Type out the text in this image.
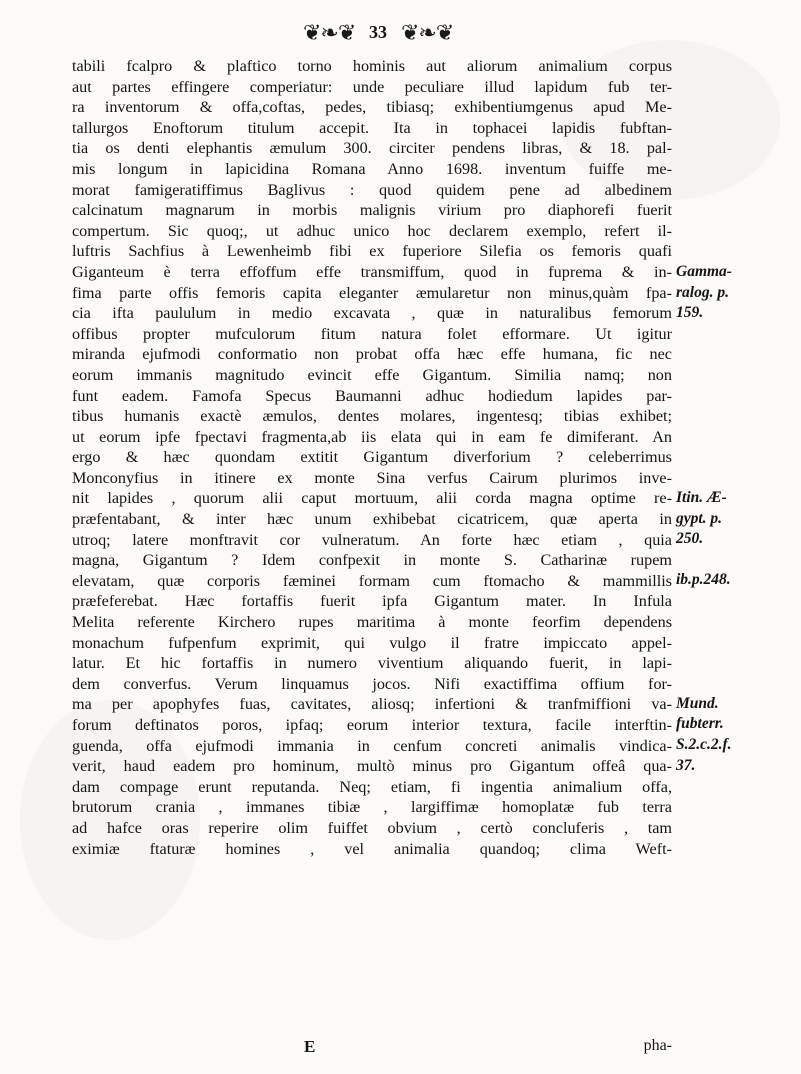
❦❧❦ 33 ❦❧❦
tabili fcalpro & plaftico torno hominis aut aliorum animalium corpus
aut partes effingere comperiatur: unde peculiare illud lapidum fub ter-
ra inventorum & offa,coftas, pedes, tibiasq; exhibentiumgenus apud Me-
tallurgos Enoftorum titulum accepit. Ita in tophacei lapidis fubftan-
tia os denti elephantis æmulum 300. circiter pendens libras, & 18. pal-
mis longum in lapicidina Romana Anno 1698. inventum fuiffe me-
morat famigeratiffimus Baglivus : quod quidem pene ad albedinem
calcinatum magnarum in morbis malignis virium pro diaphorefi fuerit
compertum. Sic quoq;, ut adhuc unico hoc declarem exemplo, refert il-
luftris Sachfius à Lewenheimb fibi ex fuperiore Silefia os femoris quafi
Giganteum è terra effoffum effe transmiffum, quod in fuprema & in-
fima parte offis femoris capita eleganter æmularetur non minus,quàm fpa-
cia ifta paululum in medio excavata , quæ in naturalibus femorum
offibus propter mufculorum fitum natura folet efformare. Ut igitur
miranda ejufmodi conformatio non probat offa hæc effe humana, fic nec
eorum immanis magnitudo evincit effe Gigantum. Similia namq; non
funt eadem. Famofa Specus Baumanni adhuc hodiedum lapides par-
tibus humanis exactè æmulos, dentes molares, ingentesq; tibias exhibet;
ut eorum ipfe fpectavi fragmenta,ab iis elata qui in eam fe dimiferant. An
ergo & hæc quondam extitit Gigantum diverforium ? celeberrimus
Monconyfius in itinere ex monte Sina verfus Cairum plurimos inve-
nit lapides , quorum alii caput mortuum, alii corda magna optime re-
præfentabant, & inter hæc unum exhibebat cicatricem, quæ aperta in
utroq; latere monftravit cor vulneratum. An forte hæc etiam , quia
magna, Gigantum ? Idem confpexit in monte S. Catharinæ rupem
elevatam, quæ corporis fæminei formam cum ftomacho & mammillis
præfeferebat. Hæc fortaffis fuerit ipfa Gigantum mater. In Infula
Melita referente Kirchero rupes maritima à monte feorfim dependens
monachum fufpenfum exprimit, qui vulgo il fratre impiccato appel-
latur. Et hic fortaffis in numero viventium aliquando fuerit, in lapi-
dem converfus. Verum linquamus jocos. Nifi exactiffima offium for-
ma per apophyfes fuas, cavitates, aliosq; infertioni & tranfmiffioni va-
forum deftinatos poros, ipfaq; eorum interior textura, facile interftin-
guenda, offa ejufmodi immania in cenfum concreti animalis vindica-
verit, haud eadem pro hominum, multò minus pro Gigantum offeâ qua-
dam compage erunt reputanda. Neq; etiam, fi ingentia animalium offa,
brutorum crania , immanes tibiæ , largiffimæ homoplatæ fub terra
ad hafce oras reperire olim fuiffet obvium , certò concluferis , tam
eximiæ ftaturæ homines , vel animalia quandoq; clima Weft-
Gamma-
ralog. p.
159.
Itin. Æ-
gypt. p.
250.
ib.p.248.
Mund.
fubterr.
S.2.c.2.f.
37.
E	pha-
